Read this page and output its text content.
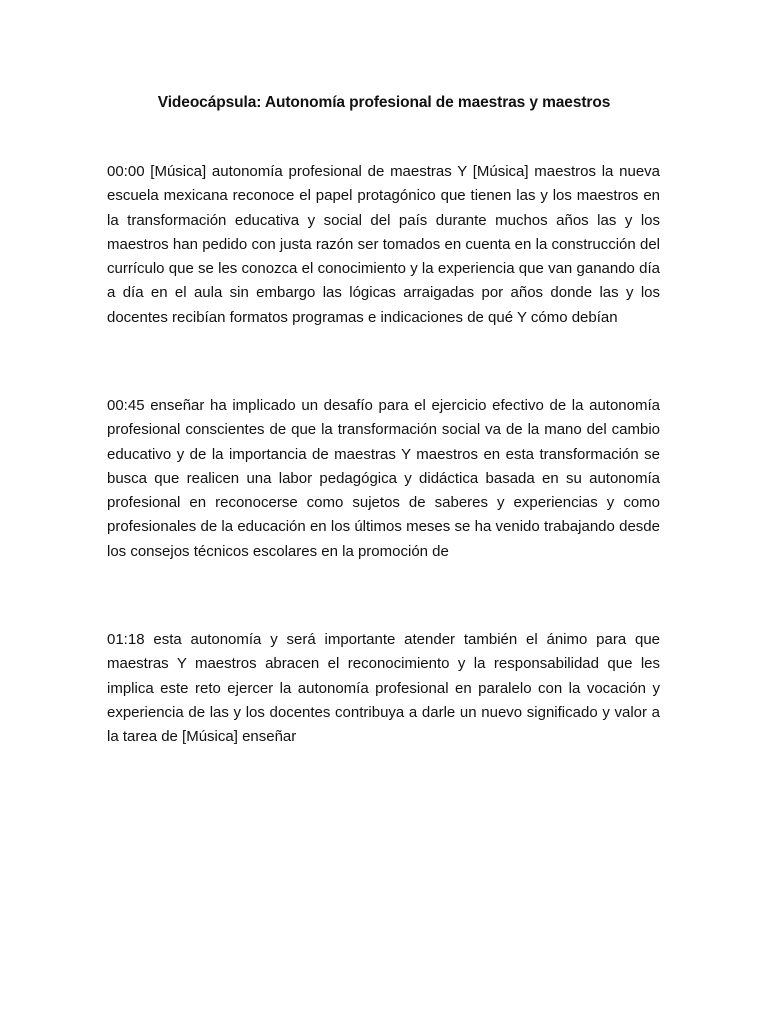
Videocápsula: Autonomía profesional de maestras y maestros

00:00 [Música] autonomía profesional de maestras Y [Música] maestros la nueva escuela mexicana reconoce el papel protagónico que tienen las y los maestros en la transformación educativa y social del país durante muchos años las y los maestros han pedido con justa razón ser tomados en cuenta en la construcción del currículo que se les conozca el conocimiento y la experiencia que van ganando día a día en el aula sin embargo las lógicas arraigadas por años donde las y los docentes recibían formatos programas e indicaciones de qué Y cómo debían

00:45 enseñar ha implicado un desafío para el ejercicio efectivo de la autonomía profesional conscientes de que la transformación social va de la mano del cambio educativo y de la importancia de maestras Y maestros en esta transformación se busca que realicen una labor pedagógica y didáctica basada en su autonomía profesional en reconocerse como sujetos de saberes y experiencias y como profesionales de la educación en los últimos meses se ha venido trabajando desde los consejos técnicos escolares en la promoción de

01:18 esta autonomía y será importante atender también el ánimo para que maestras Y maestros abracen el reconocimiento y la responsabilidad que les implica este reto ejercer la autonomía profesional en paralelo con la vocación y experiencia de las y los docentes contribuya a darle un nuevo significado y valor a la tarea de [Música] enseñar
